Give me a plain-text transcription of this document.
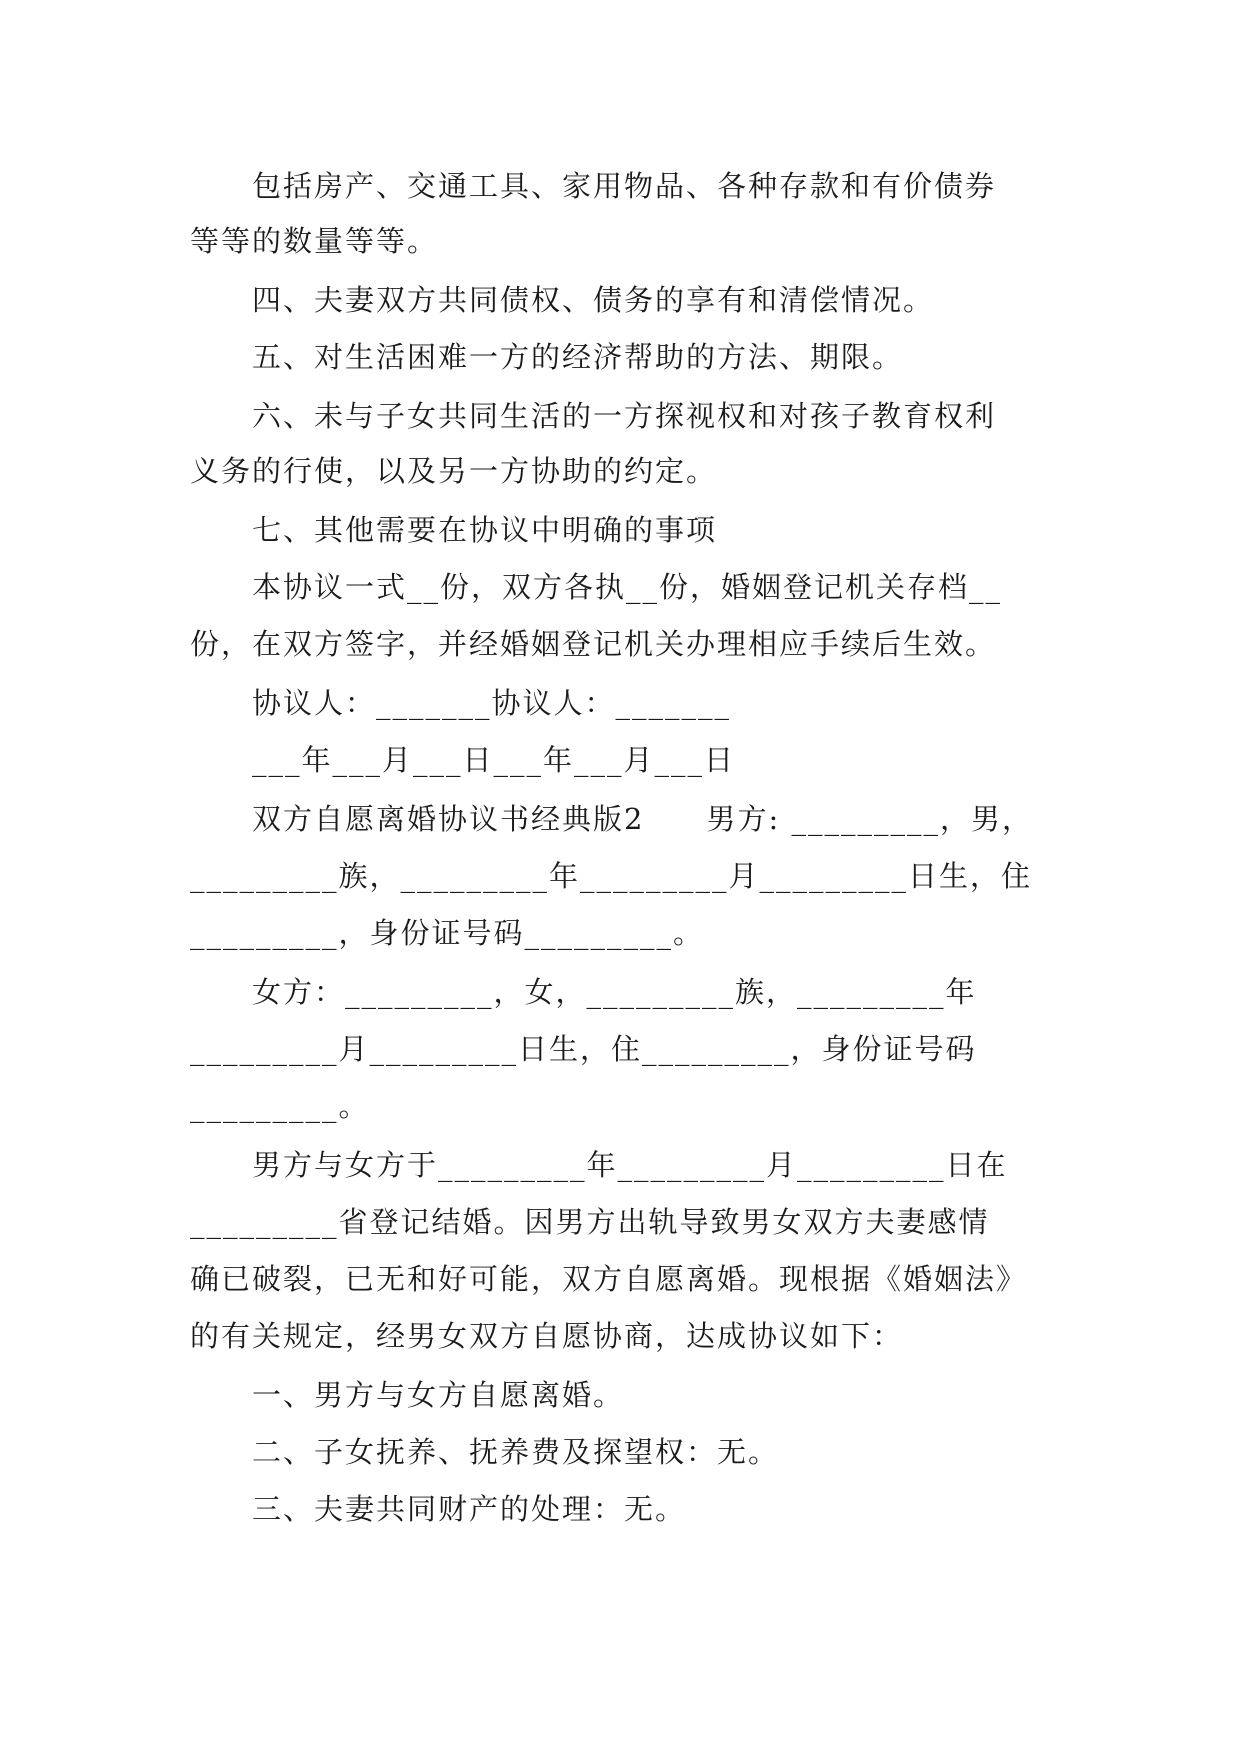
　　包括房产、交通工具、家用物品、各种存款和有价债券
等等的数量等等。
　　四、夫妻双方共同债权、债务的享有和清偿情况。
　　五、对生活困难一方的经济帮助的方法、期限。
　　六、未与子女共同生活的一方探视权和对孩子教育权利
义务的行使，以及另一方协助的约定。
　　七、其他需要在协议中明确的事项
　　本协议一式__份，双方各执__份，婚姻登记机关存档__
份，在双方签字，并经婚姻登记机关办理相应手续后生效。
　　协议人：_______协议人：_______
　　___年___月___日___年___月___日
　　双方自愿离婚协议书经典版2　　男方: _________，男，
_________族，_________年_________月_________日生，住
_________，身份证号码_________。
　　女方：_________，女，_________族，_________年
_________月_________日生，住_________，身份证号码
_________。
　　男方与女方于_________年_________月_________日在
_________省登记结婚。因男方出轨导致男女双方夫妻感情
确已破裂，已无和好可能，双方自愿离婚。现根据《婚姻法》
的有关规定，经男女双方自愿协商，达成协议如下：
　　一、男方与女方自愿离婚。
　　二、子女抚养、抚养费及探望权：无。
　　三、夫妻共同财产的处理：无。
